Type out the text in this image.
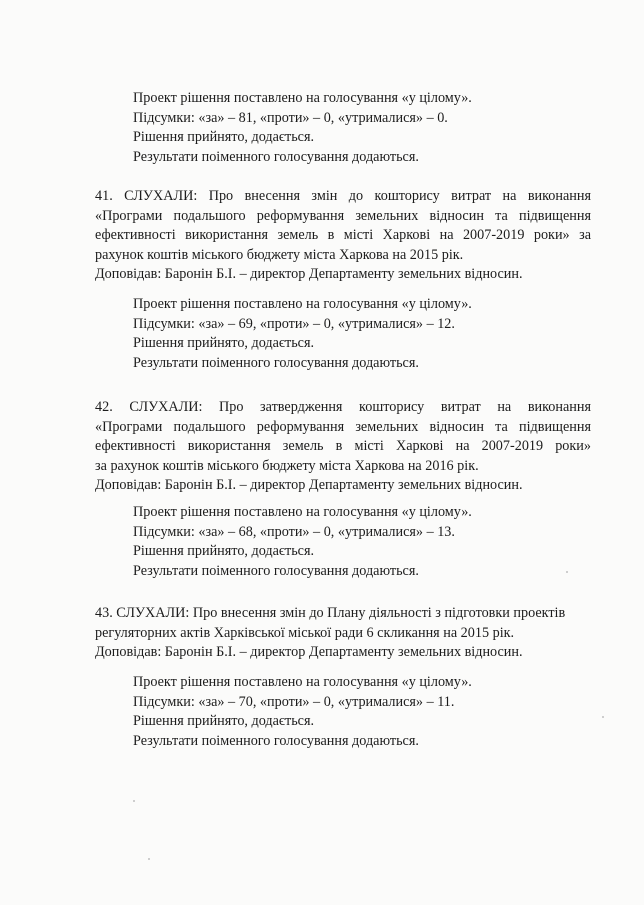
Проект рішення поставлено на голосування «у цілому».
Підсумки: «за» – 81, «проти» – 0, «утрималися» – 0.
Рішення прийнято, додається.
Результати поіменного голосування додаються.
41. СЛУХАЛИ: Про внесення змін до кошторису витрат на виконання
«Програми подальшого реформування земельних відносин та підвищення
ефективності використання земель в місті Харкові на 2007-2019 роки» за
рахунок коштів міського бюджету міста Харкова на 2015 рік.
Доповідав: Баронін Б.І. – директор Департаменту земельних відносин.
Проект рішення поставлено на голосування «у цілому».
Підсумки: «за» – 69, «проти» – 0, «утрималися» – 12.
Рішення прийнято, додається.
Результати поіменного голосування додаються.
42. СЛУХАЛИ: Про затвердження кошторису витрат на виконання
«Програми подальшого реформування земельних відносин та підвищення
ефективності використання земель в місті Харкові на 2007-2019 роки»
за рахунок коштів міського бюджету міста Харкова на 2016 рік.
Доповідав: Баронін Б.І. – директор Департаменту земельних відносин.
Проект рішення поставлено на голосування «у цілому».
Підсумки: «за» – 68, «проти» – 0, «утрималися» – 13.
Рішення прийнято, додається.
Результати поіменного голосування додаються.
43. СЛУХАЛИ: Про внесення змін до Плану діяльності з підготовки проектів
регуляторних актів Харківської міської ради 6 скликання на 2015 рік.
Доповідав: Баронін Б.І. – директор Департаменту земельних відносин.
Проект рішення поставлено на голосування «у цілому».
Підсумки: «за» – 70, «проти» – 0, «утрималися» – 11.
Рішення прийнято, додається.
Результати поіменного голосування додаються.
